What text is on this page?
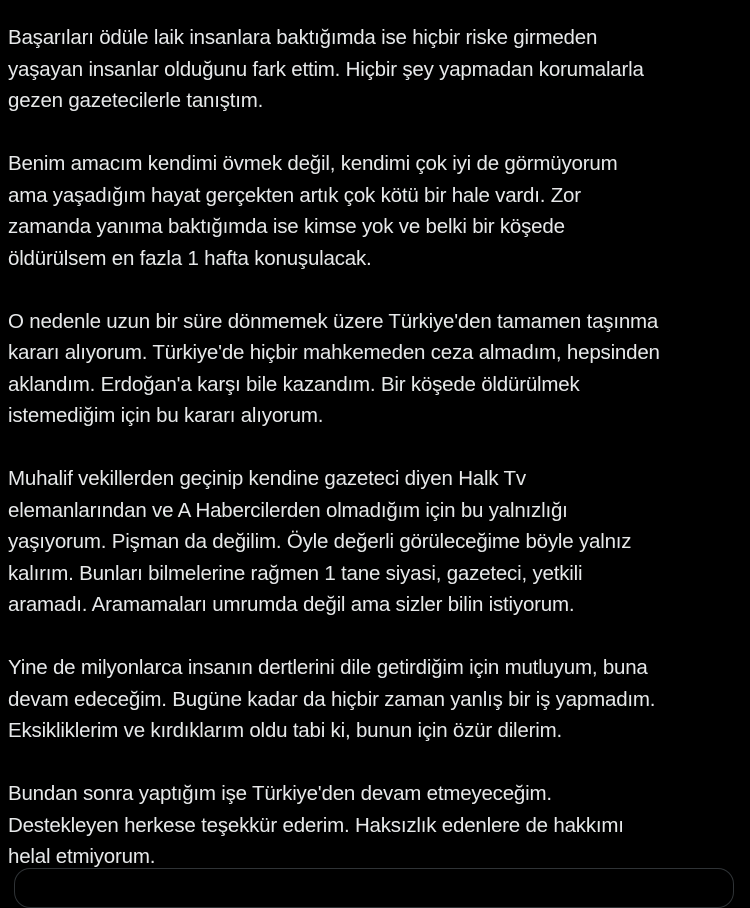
Başarıları ödüle laik insanlara baktığımda ise hiçbir riske girmeden
yaşayan insanlar olduğunu fark ettim. Hiçbir şey yapmadan korumalarla
gezen gazetecilerle tanıştım.

Benim amacım kendimi övmek değil, kendimi çok iyi de görmüyorum
ama yaşadığım hayat gerçekten artık çok kötü bir hale vardı. Zor
zamanda yanıma baktığımda ise kimse yok ve belki bir köşede
öldürülsem en fazla 1 hafta konuşulacak.

O nedenle uzun bir süre dönmemek üzere Türkiye'den tamamen taşınma
kararı alıyorum. Türkiye'de hiçbir mahkemeden ceza almadım, hepsinden
aklandım. Erdoğan'a karşı bile kazandım. Bir köşede öldürülmek
istemediğim için bu kararı alıyorum.

Muhalif vekillerden geçinip kendine gazeteci diyen Halk Tv
elemanlarından ve A Habercilerden olmadığım için bu yalnızlığı
yaşıyorum. Pişman da değilim. Öyle değerli görüleceğime böyle yalnız
kalırım. Bunları bilmelerine rağmen 1 tane siyasi, gazeteci, yetkili
aramadı. Aramamaları umrumda değil ama sizler bilin istiyorum.

Yine de milyonlarca insanın dertlerini dile getirdiğim için mutluyum, buna
devam edeceğim. Bugüne kadar da hiçbir zaman yanlış bir iş yapmadım.
Eksikliklerim ve kırdıklarım oldu tabi ki, bunun için özür dilerim.

Bundan sonra yaptığım işe Türkiye'den devam etmeyeceğim.
Destekleyen herkese teşekkür ederim. Haksızlık edenlere de hakkımı
helal etmiyorum.
